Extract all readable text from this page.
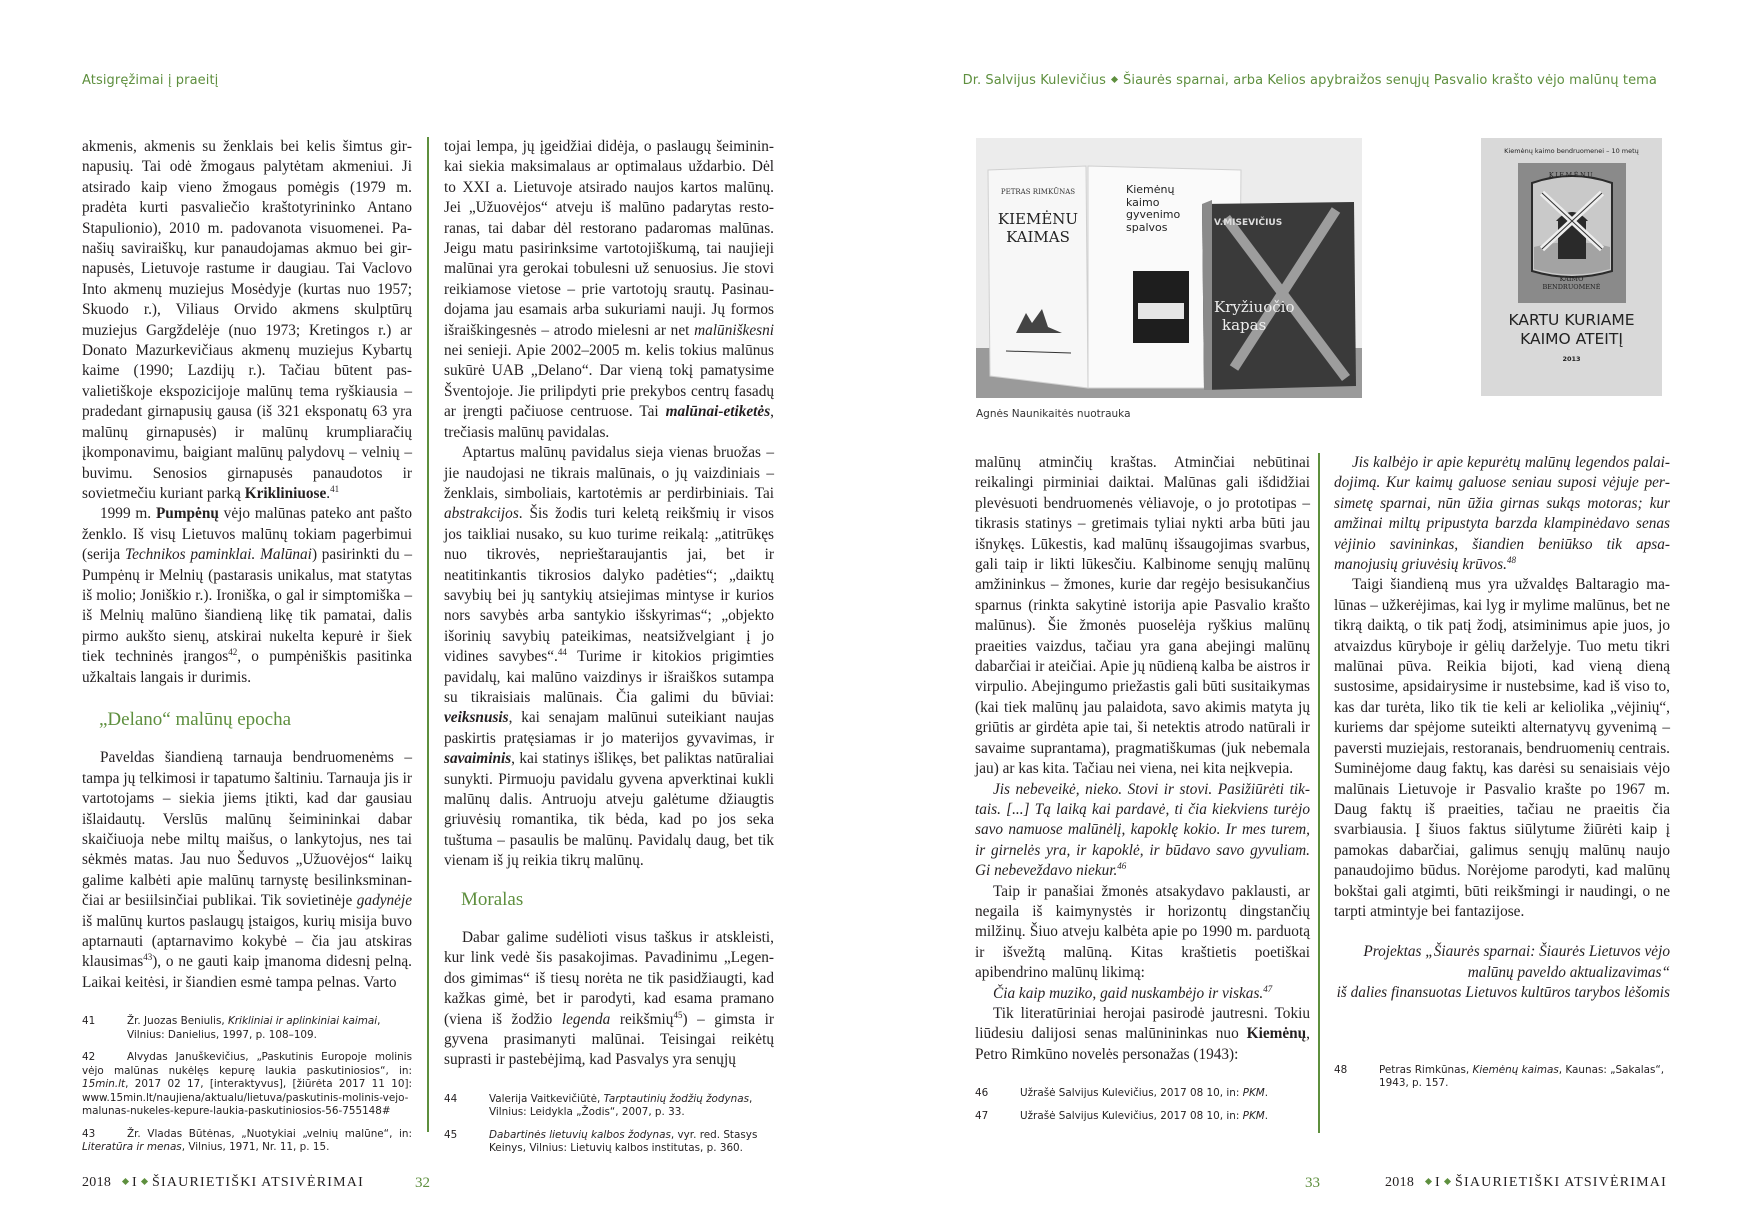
Atsigręžimai į praeitį	Dr. Salvijus Kulevičius Šiaurės sparnai, arba Kelios apybraižos senųjų Pasvalio krašto vėjo malūnų tema

akmenis, akmenis su ženklais bei kelis šimtus girnapusių. Tai odė žmogaus palytėtam akmeniui. Ji atsirado kaip vieno žmogaus pomėgis (1979 m. pradėta kurti pasvaliečio kraštotyrininko Antano Stapulionio), 2010 m. padovanota visuomenei. Panašių saviraiškų, kur panaudojamas akmuo bei girnapusės, Lietuvoje rastume ir daugiau. Tai Vaclovo Into akmenų muziejus Mosėdyje (kurtas nuo 1957; Skuodo r.), Viliaus Orvido akmens skulptūrų muziejus Gargždelėje (nuo 1973; Kretingos r.) ar Donato Mazurkevičiaus akmenų muziejus Kybartų kaime (1990; Lazdijų r.). Tačiau būtent pasvalietiškoje ekspozicijoje malūnų tema ryškiausia – pradedant girnapusių gausa (iš 321 eksponatų 63 yra malūnų girnapusės) ir malūnų krumpliaračių įkomponavimu, baigiant malūnų palydovų – velnių – buvimu. Senosios girnapusės panaudotos ir sovietmečiu kuriant parką Krikliniuose.$^{41}$

1999 m. Pumpėnų vėjo malūnas pateko ant pašto ženklo. Iš visų Lietuvos malūnų tokiam pagerbimui (serija Technikos paminklai. Malūnai) pasirinkti du – Pumpėnų ir Melnių (pastarasis unikalus, mat statytas iš molio; Joniškio r.). Ironiška, o gal ir simptomiška – iš Melnių malūno šiandieną likę tik pamatai, dalis pirmo aukšto sienų, atskirai nukelta kepurė ir šiek tiek techninės įrangos$^{42}$, o pumpėniškis pasitinka užkaltais langais ir durimis.

„Delano“ malūnų epocha

Paveldas šiandieną tarnauja bendruomenėms – tampa jų telkimosi ir tapatumo šaltiniu. Tarnauja jis ir vartotojams – siekia jiems įtikti, kad dar gausiau išlaidautų. Verslūs malūnų šeimininkai dabar skaičiuoja nebe miltų maišus, o lankytojus, nes tai sėkmės matas. Jau nuo Šeduvos „Užuovėjos“ laikų galime kalbėti apie malūnų tarnystę besilinksminančiai ar besiilsinčiai publikai. Tik sovietinėje gadynėje iš malūnų kurtos paslaugų įstaigos, kurių misija buvo aptarnauti (aptarnavimo kokybė – čia jau atskiras klausimas$^{43}$), o ne gauti kaip įmanoma didesnį pelną. Laikai keitėsi, ir šiandien esmė tampa pelnas. Varto

41	Žr. Juozas Beniulis, Krikliniai ir aplinkiniai kaimai, Vilnius: Danielius, 1997, p. 108–109.
42	Alvydas Januškevičius, „Paskutinis Europoje molinis vėjo malūnas nukėlęs kepurę laukia paskutiniosios“, in: 15min.lt, 2017 02 17, [interaktyvus], [žiūrėta 2017 11 10]: www.15min.lt/naujiena/aktualu/lietuva/paskutinis-molinis-vejo-malunas-nukeles-kepure-laukia-paskutiniosios-56-755148#
43	Žr. Vladas Būtėnas, „Nuotykiai „velnių malūne“, in: Literatūra ir menas, Vilnius, 1971, Nr. 11, p. 15.

tojai lempa, jų įgeidžiai didėja, o paslaugų šeimininkai siekia maksimalaus ar optimalaus uždarbio. Dėl to XXI a. Lietuvoje atsirado naujos kartos malūnų. Jei „Užuovėjos“ atveju iš malūno padarytas restoranas, tai dabar dėl restorano padaromas malūnas. Jeigu matu pasirinksime vartotojiškumą, tai naujieji malūnai yra gerokai tobulesni už senuosius. Jie stovi reikiamose vietose – prie vartotojų srautų. Pasinaudojama jau esamais arba sukuriami nauji. Jų formos išraiškingesnės – atrodo mielesni ar net malūniškesni nei senieji. Apie 2002–2005 m. kelis tokius malūnus sukūrė UAB „Delano“. Dar vieną tokį pamatysime Šventojoje. Jie prilipdyti prie prekybos centrų fasadų ar įrengti pačiuose centruose. Tai malūnai-etiketės, trečiasis malūnų pavidalas.

Aptartus malūnų pavidalus sieja vienas bruožas – jie naudojasi ne tikrais malūnais, o jų vaizdiniais – ženklais, simboliais, kartotėmis ar perdirbiniais. Tai abstrakcijos. Šis žodis turi keletą reikšmių ir visos jos taikliai nusako, su kuo turime reikalą: „atitrūkęs nuo tikrovės, neprieštaraujantis jai, bet ir neatitinkantis tikrosios dalyko padėties“; „daiktų savybių bei jų santykių atsiejimas mintyse ir kurios nors savybės arba santykio išskyrimas“; „objekto išorinių savybių pateikimas, neatsižvelgiant į jo vidines savybes“.$^{44}$ Turime ir kitokios prigimties pavidalų, kai malūno vaizdinys ir išraiškos sutampa su tikraisiais malūnais. Čia galimi du būviai: veiksnusis, kai senajam malūnui suteikiant naujas paskirtis pratęsiamas ir jo materijos gyvavimas, ir savaiminis, kai statinys išlikęs, bet paliktas natūraliai sunykti. Pirmuoju pavidalu gyvena apverktinai kukli malūnų dalis. Antruoju atveju galėtume džiaugtis griuvėsių romantika, tik bėda, kad po jos seka tuštuma – pasaulis be malūnų. Pavidalų daug, bet tik vienam iš jų reikia tikrų malūnų.

Moralas

Dabar galime sudėlioti visus taškus ir atskleisti, kur link vedė šis pasakojimas. Pavadinimu „Legendos gimimas“ iš tiesų norėta ne tik pasidžiaugti, kad kažkas gimė, bet ir parodyti, kad esama pramano (viena iš žodžio legenda reikšmių$^{45}$) – gimsta ir gyvena prasimanyti malūnai. Teisingai reikėtų suprasti ir pastebėjimą, kad Pasvalys yra senųjų

44	Valerija Vaitkevičiūtė, Tarptautinių žodžių žodynas, Vilnius: Leidykla „Žodis“, 2007, p. 33.
45	Dabartinės lietuvių kalbos žodynas, vyr. red. Stasys Keinys, Vilnius: Lietuvių kalbos institutas, p. 360.
PETRAS RIMKŪNAS
KIEMĖNU
KAIMAS
Kiemėnų
kaimo
gyvenimo
spalvos	V.MISEVIČIUS
Kryžiuočio
kapas
Agnės Naunikaitės nuotrauka
Kiemėnų kaimo bendruomenei – 10 metų
KIEMĖNŲ
KAIMO
BENDRUOMENĖ
KARTU KURIAME
KAIMO ATEITĮ
2013

malūnų atminčių kraštas. Atminčiai nebūtinai reikalingi pirminiai daiktai. Malūnas gali išdidžiai plevėsuoti bendruomenės vėliavoje, o jo prototipas – tikrasis statinys – gretimais tyliai nykti arba būti jau išnykęs. Lūkestis, kad malūnų išsaugojimas svarbus, gali taip ir likti lūkesčiu. Kalbinome senųjų malūnų amžininkus – žmones, kurie dar regėjo besisukančius sparnus (rinkta sakytinė istorija apie Pasvalio krašto malūnus). Šie žmonės puoselėja ryškius malūnų praeities vaizdus, tačiau yra gana abejingi malūnų dabarčiai ir ateičiai. Apie jų nūdieną kalba be aistros ir virpulio. Abejingumo priežastis gali būti susitaikymas (kai tiek malūnų jau palaidota, savo akimis matyta jų griūtis ar girdėta apie tai, ši netektis atrodo natūrali ir savaime suprantama), pragmatiškumas (juk nebemala jau) ar kas kita. Tačiau nei viena, nei kita neįkvepia.

Jis nebeveikė, nieko. Stovi ir stovi. Pasižiūrėti tiktais. [...] Tą laiką kai pardavė, ti čia kiekviens turėjo savo namuose malūnėlį, kapoklę kokio. Ir mes turem, ir girnelės yra, ir kapoklė, ir būdavo savo gyvuliam. Gi nebeveždavo niekur.$^{46}$

Taip ir panašiai žmonės atsakydavo paklausti, ar negaila iš kaimynystės ir horizontų dingstančių milžinų. Šiuo atveju kalbėta apie po 1990 m. parduotą ir išvežtą malūną. Kitas kraštietis poetiškai apibendrino malūnų likimą:

Čia kaip muziko, gaid nuskambėjo ir viskas.$^{47}$

Tik literatūriniai herojai pasirodė jautresni. Tokiu liūdesiu dalijosi senas malūnininkas nuo Kiemėnų, Petro Rimkūno novelės personažas (1943):

46	Užrašė Salvijus Kulevičius, 2017 08 10, in: PKM.
47	Užrašė Salvijus Kulevičius, 2017 08 10, in: PKM.

Jis kalbėjo ir apie kepurėtų malūnų legendos palaidojimą. Kur kaimų galuose seniau suposi vėjuje persimetę sparnai, nūn ūžia girnas sukąs motoras; kur amžinai miltų pripustyta barzda klampinėdavo senas vėjinio savininkas, šiandien beniūkso tik apsamanojusių griuvėsių krūvos.$^{48}$

Taigi šiandieną mus yra užvaldęs Baltaragio malūnas – užkerėjimas, kai lyg ir mylime malūnus, bet ne tikrą daiktą, o tik patį žodį, atsiminimus apie juos, jo atvaizdus kūryboje ir gėlių darželyje. Tuo metu tikri malūnai pūva. Reikia bijoti, kad vieną dieną sustosime, apsidairysime ir nustebsime, kad iš viso to, kas dar turėta, liko tik tie keli ar keliolika „vėjinių“, kuriems dar spėjome suteikti alternatyvų gyvenimą – paversti muziejais, restoranais, bendruomenių centrais. Suminėjome daug faktų, kas darėsi su senaisiais vėjo malūnais Lietuvoje ir Pasvalio krašte po 1967 m. Daug faktų iš praeities, tačiau ne praeitis čia svarbiausia. Į šiuos faktus siūlytume žiūrėti kaip į pamokas dabarčiai, galimus senųjų malūnų naujo panaudojimo būdus. Norėjome parodyti, kad malūnų bokštai gali atgimti, būti reikšmingi ir naudingi, o ne tarpti atmintyje bei fantazijose.

Projektas „Šiaurės sparnai: Šiaurės Lietuvos vėjo
malūnų paveldo aktualizavimas“
iš dalies finansuotas Lietuvos kultūros tarybos lėšomis
48	Petras Rimkūnas, Kiemėnų kaimas, Kaunas: „Sakalas“, 1943, p. 157.
2018 I ŠIAURIETIŠKI ATSIVĖRIMAI	32	33	2018 I ŠIAURIETIŠKI ATSIVĖRIMAI
